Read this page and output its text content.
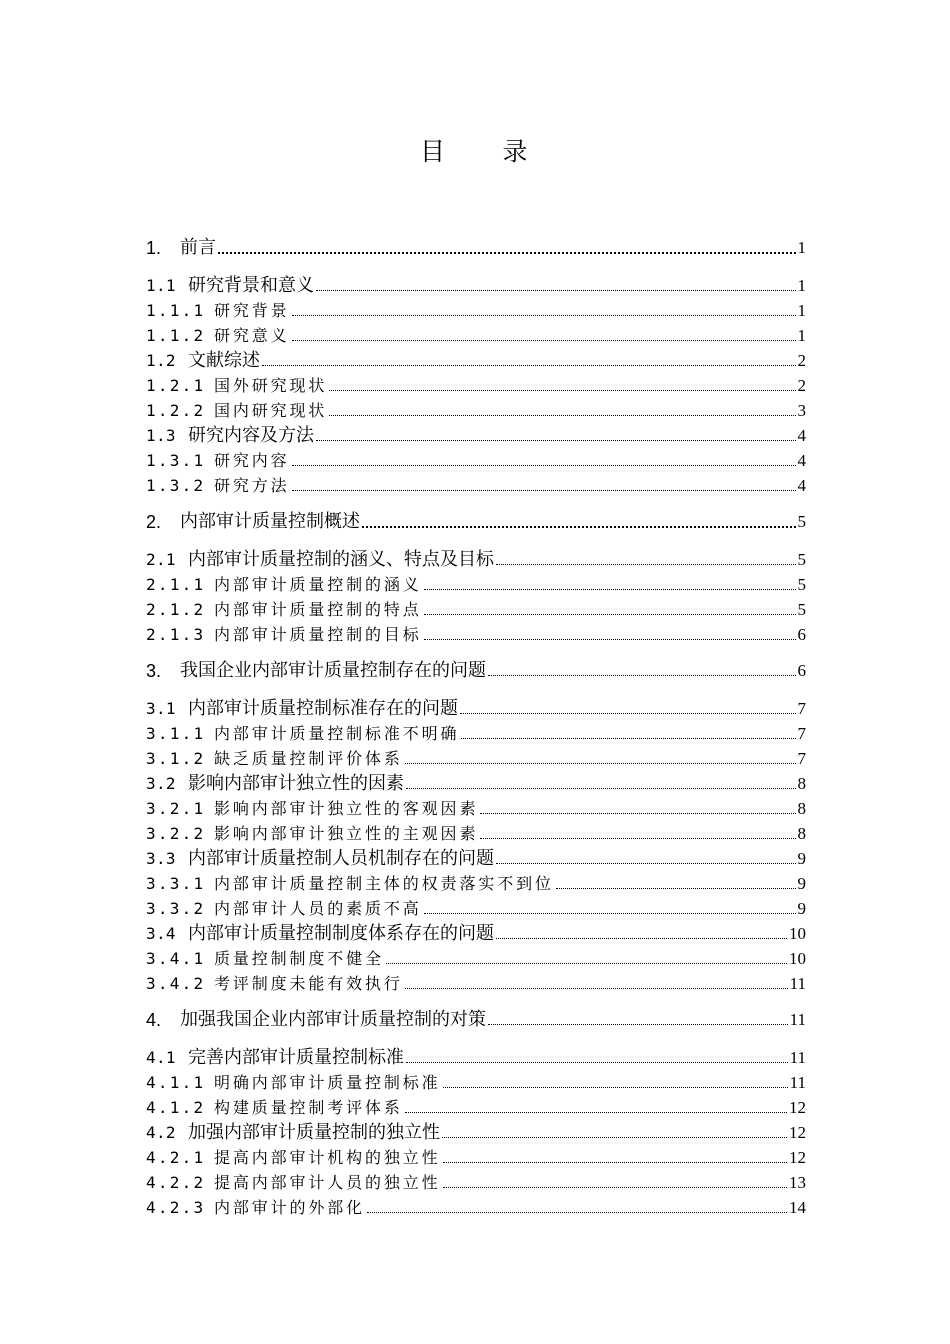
目　　录
1.	前言	1
1.1 研究背景和意义	1
1.1.1 研究背景	1
1.1.2 研究意义	1
1.2 文献综述	2
1.2.1 国外研究现状	2
1.2.2 国内研究现状	3
1.3 研究内容及方法	4
1.3.1 研究内容	4
1.3.2 研究方法	4
2.	内部审计质量控制概述	5
2.1 内部审计质量控制的涵义、特点及目标	5
2.1.1 内部审计质量控制的涵义	5
2.1.2 内部审计质量控制的特点	5
2.1.3 内部审计质量控制的目标	6
3.	我国企业内部审计质量控制存在的问题	6
3.1 内部审计质量控制标准存在的问题	7
3.1.1 内部审计质量控制标准不明确	7
3.1.2 缺乏质量控制评价体系	7
3.2 影响内部审计独立性的因素	8
3.2.1 影响内部审计独立性的客观因素	8
3.2.2 影响内部审计独立性的主观因素	8
3.3 内部审计质量控制人员机制存在的问题	9
3.3.1 内部审计质量控制主体的权责落实不到位	9
3.3.2 内部审计人员的素质不高	9
3.4 内部审计质量控制制度体系存在的问题	10
3.4.1 质量控制制度不健全	10
3.4.2 考评制度未能有效执行	11
4.	加强我国企业内部审计质量控制的对策	11
4.1 完善内部审计质量控制标准	11
4.1.1 明确内部审计质量控制标准	11
4.1.2 构建质量控制考评体系	12
4.2 加强内部审计质量控制的独立性	12
4.2.1 提高内部审计机构的独立性	12
4.2.2 提高内部审计人员的独立性	13
4.2.3 内部审计的外部化	14
